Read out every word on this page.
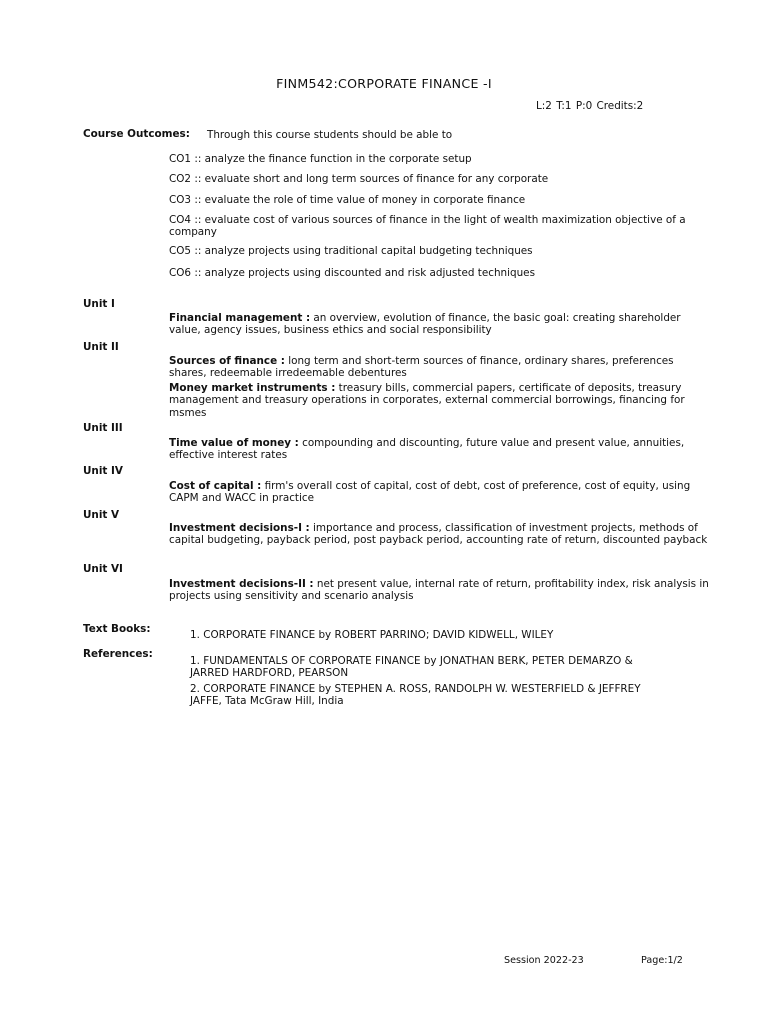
FINM542:CORPORATE FINANCE -I
L:2 T:1 P:0 Credits:2
Course Outcomes: Through this course students should be able to
CO1 :: analyze the finance function in the corporate setup
CO2 :: evaluate short and long term sources of finance for any corporate
CO3 :: evaluate the role of time value of money in corporate finance
CO4 :: evaluate cost of various sources of finance in the light of wealth maximization objective of a company
CO5 :: analyze projects using traditional capital budgeting techniques
CO6 :: analyze projects using discounted and risk adjusted techniques
Unit I
Financial management : an overview, evolution of finance, the basic goal: creating shareholder value, agency issues, business ethics and social responsibility
Unit II
Sources of finance : long term and short-term sources of finance, ordinary shares, preferences shares, redeemable irredeemable debentures
Money market instruments : treasury bills, commercial papers, certificate of deposits, treasury management and treasury operations in corporates, external commercial borrowings, financing for msmes
Unit III
Time value of money : compounding and discounting, future value and present value, annuities, effective interest rates
Unit IV
Cost of capital : firm's overall cost of capital, cost of debt, cost of preference, cost of equity, using CAPM and WACC in practice
Unit V
Investment decisions-I : importance and process, classification of investment projects, methods of capital budgeting, payback period, post payback period, accounting rate of return, discounted payback
Unit VI
Investment decisions-II : net present value, internal rate of return, profitability index, risk analysis in projects using sensitivity and scenario analysis
Text Books:	1. CORPORATE FINANCE by ROBERT PARRINO; DAVID KIDWELL, WILEY
References:
1. FUNDAMENTALS OF CORPORATE FINANCE by JONATHAN BERK, PETER DEMARZO & JARRED HARDFORD, PEARSON
2. CORPORATE FINANCE by STEPHEN A. ROSS, RANDOLPH W. WESTERFIELD & JEFFREY JAFFE, Tata McGraw Hill, India
Session 2022-23	Page:1/2
